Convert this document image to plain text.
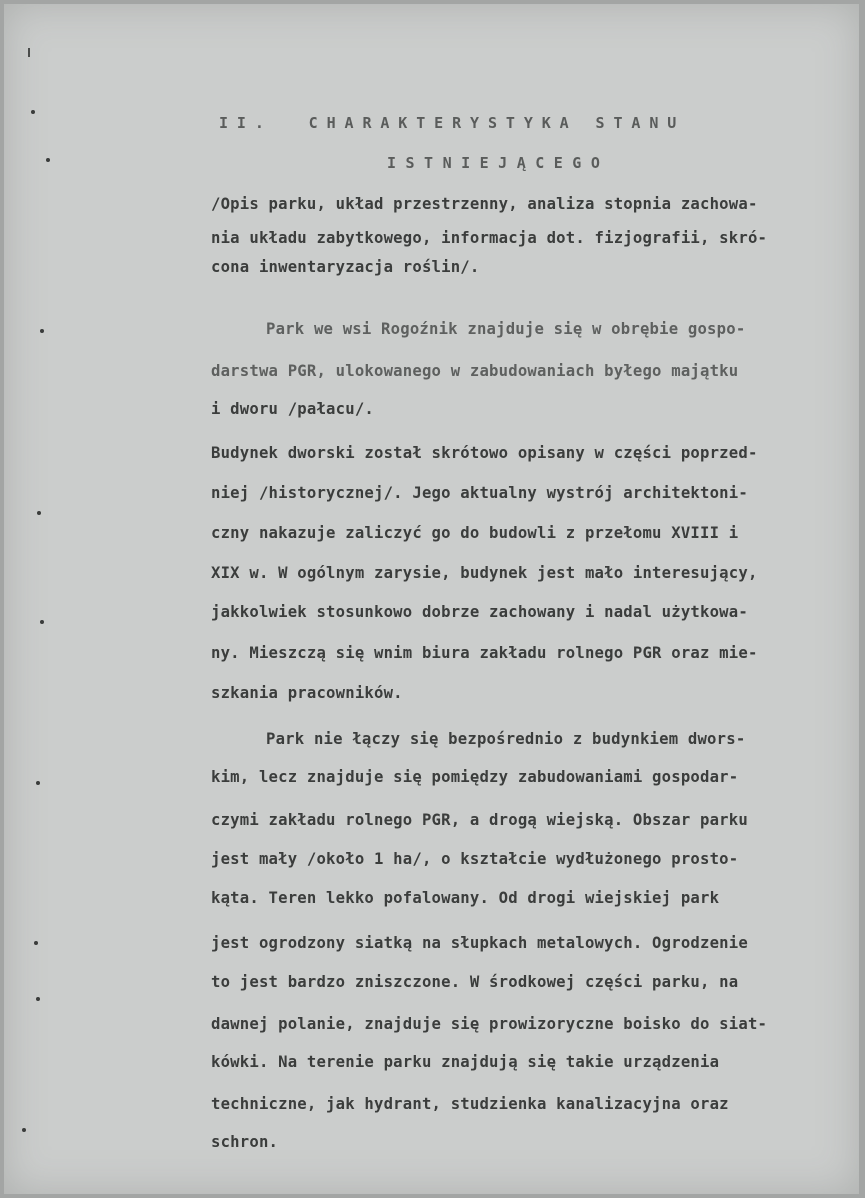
II.  CHARAKTERYSTYKA STANU
ISTNIEJĄCEGO
/Opis parku, układ przestrzenny, analiza stopnia zachowa-
nia układu zabytkowego, informacja dot. fizjografii, skró-
cona inwentaryzacja roślin/.
Park we wsi Rogoźnik znajduje się w obrębie gospo-
darstwa PGR, ulokowanego w zabudowaniach byłego majątku
i dworu /pałacu/.
Budynek dworski został skrótowo opisany w części poprzed-
niej /historycznej/. Jego aktualny wystrój architektoni-
czny nakazuje zaliczyć go do budowli z przełomu XVIII i
XIX w. W ogólnym zarysie, budynek jest mało interesujący,
jakkolwiek stosunkowo dobrze zachowany i nadal użytkowa-
ny. Mieszczą się wnim biura zakładu rolnego PGR oraz mie-
szkania pracowników.
Park nie łączy się bezpośrednio z budynkiem dwors-
kim, lecz znajduje się pomiędzy zabudowaniami gospodar-
czymi zakładu rolnego PGR, a drogą wiejską. Obszar parku
jest mały /około 1 ha/, o kształcie wydłużonego prosto-
kąta. Teren lekko pofalowany. Od drogi wiejskiej park
jest ogrodzony siatką na słupkach metalowych. Ogrodzenie
to jest bardzo zniszczone. W środkowej części parku, na
dawnej polanie, znajduje się prowizoryczne boisko do siat-
kówki. Na terenie parku znajdują się takie urządzenia
techniczne, jak hydrant, studzienka kanalizacyjna oraz
schron.
